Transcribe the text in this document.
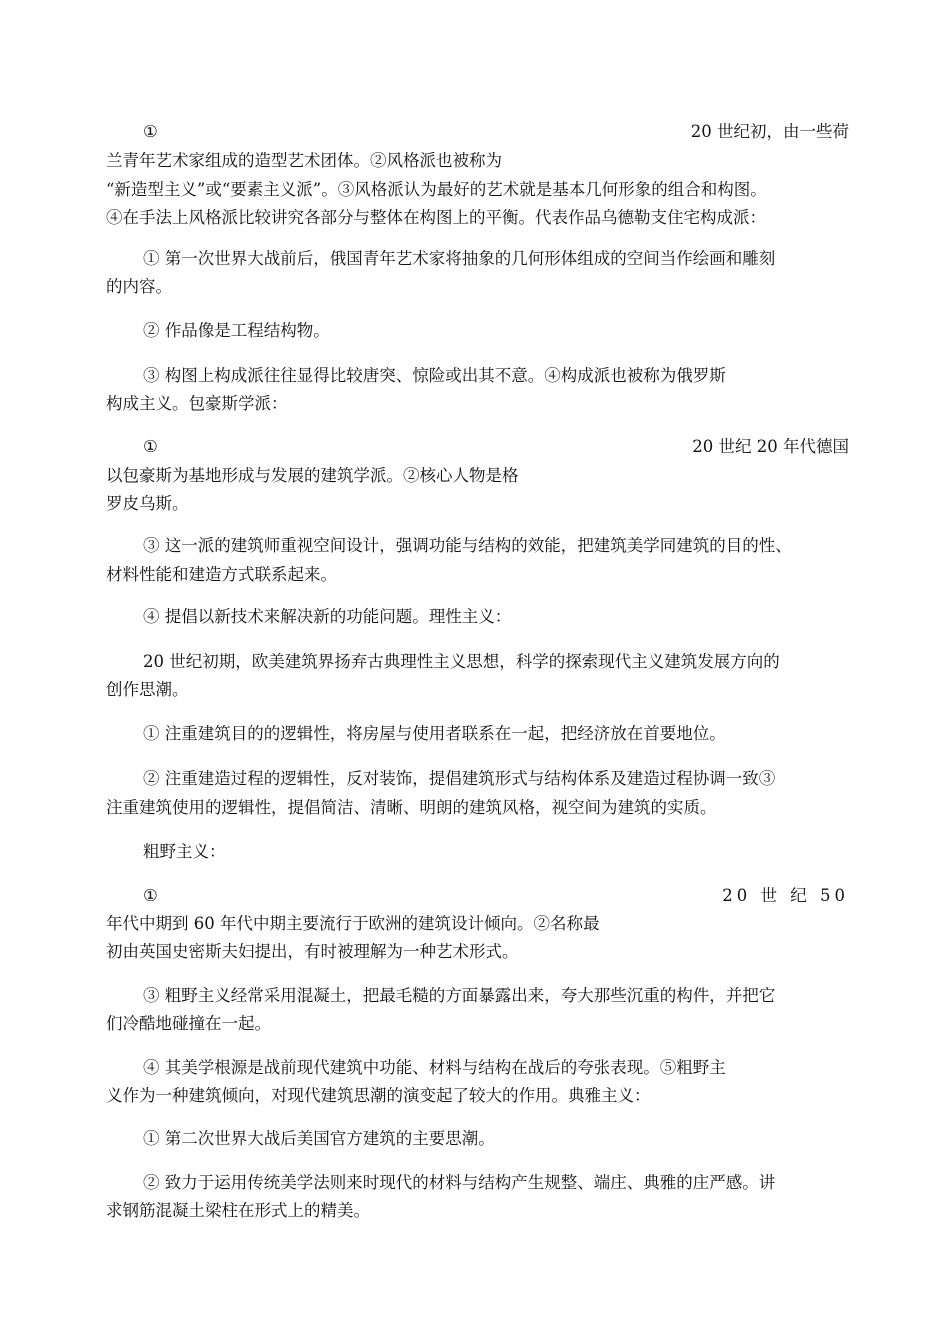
①	20 世纪初，由一些荷
兰青年艺术家组成的造型艺术团体。②风格派也被称为
“新造型主义”或“要素主义派”。③风格派认为最好的艺术就是基本几何形象的组合和构图。
④在手法上风格派比较讲究各部分与整体在构图上的平衡。代表作品乌德勒支住宅构成派：
① 第一次世界大战前后，俄国青年艺术家将抽象的几何形体组成的空间当作绘画和雕刻
的内容。
② 作品像是工程结构物。
③ 构图上构成派往往显得比较唐突、惊险或出其不意。④构成派也被称为俄罗斯
构成主义。包豪斯学派：
①	20 世纪 20 年代德国
以包豪斯为基地形成与发展的建筑学派。②核心人物是格
罗皮乌斯。
③ 这一派的建筑师重视空间设计，强调功能与结构的效能，把建筑美学同建筑的目的性、
材料性能和建造方式联系起来。
④ 提倡以新技术来解决新的功能问题。理性主义：
20 世纪初期，欧美建筑界扬弃古典理性主义思想，科学的探索现代主义建筑发展方向的
创作思潮。
① 注重建筑目的的逻辑性，将房屋与使用者联系在一起，把经济放在首要地位。
② 注重建造过程的逻辑性，反对装饰，提倡建筑形式与结构体系及建造过程协调一致③
注重建筑使用的逻辑性，提倡简洁、清晰、明朗的建筑风格，视空间为建筑的实质。
粗野主义：
①	20 世 纪 50
年代中期到 60 年代中期主要流行于欧洲的建筑设计倾向。②名称最
初由英国史密斯夫妇提出，有时被理解为一种艺术形式。
③ 粗野主义经常采用混凝土，把最毛糙的方面暴露出来，夸大那些沉重的构件，并把它
们冷酷地碰撞在一起。
④ 其美学根源是战前现代建筑中功能、材料与结构在战后的夸张表现。⑤粗野主
义作为一种建筑倾向，对现代建筑思潮的演变起了较大的作用。典雅主义：
① 第二次世界大战后美国官方建筑的主要思潮。
② 致力于运用传统美学法则来时现代的材料与结构产生规整、端庄、典雅的庄严感。讲
求钢筋混凝土梁柱在形式上的精美。
